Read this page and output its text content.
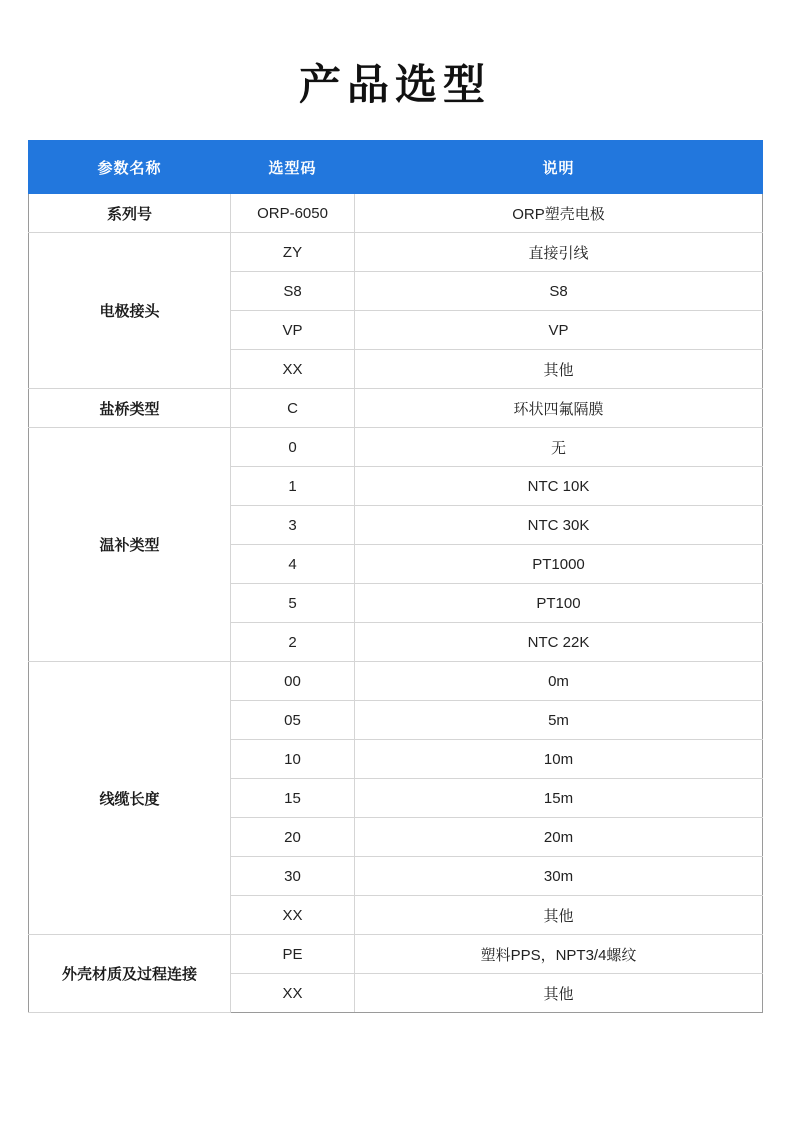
产品选型
参数名称	选型码	说明
系列号	ORP-6050	ORP塑壳电极
电极接头	ZY	直接引线
	S8	S8
	VP	VP
	XX	其他
盐桥类型	C	环状四氟隔膜
温补类型	0	无
	1	NTC 10K
	3	NTC 30K
	4	PT1000
	5	PT100
	2	NTC 22K
线缆长度	00	0m
	05	5m
	10	10m
	15	15m
	20	20m
	30	30m
	XX	其他
外壳材质及过程连接	PE	塑料PPS，NPT3/4螺纹
	XX	其他
